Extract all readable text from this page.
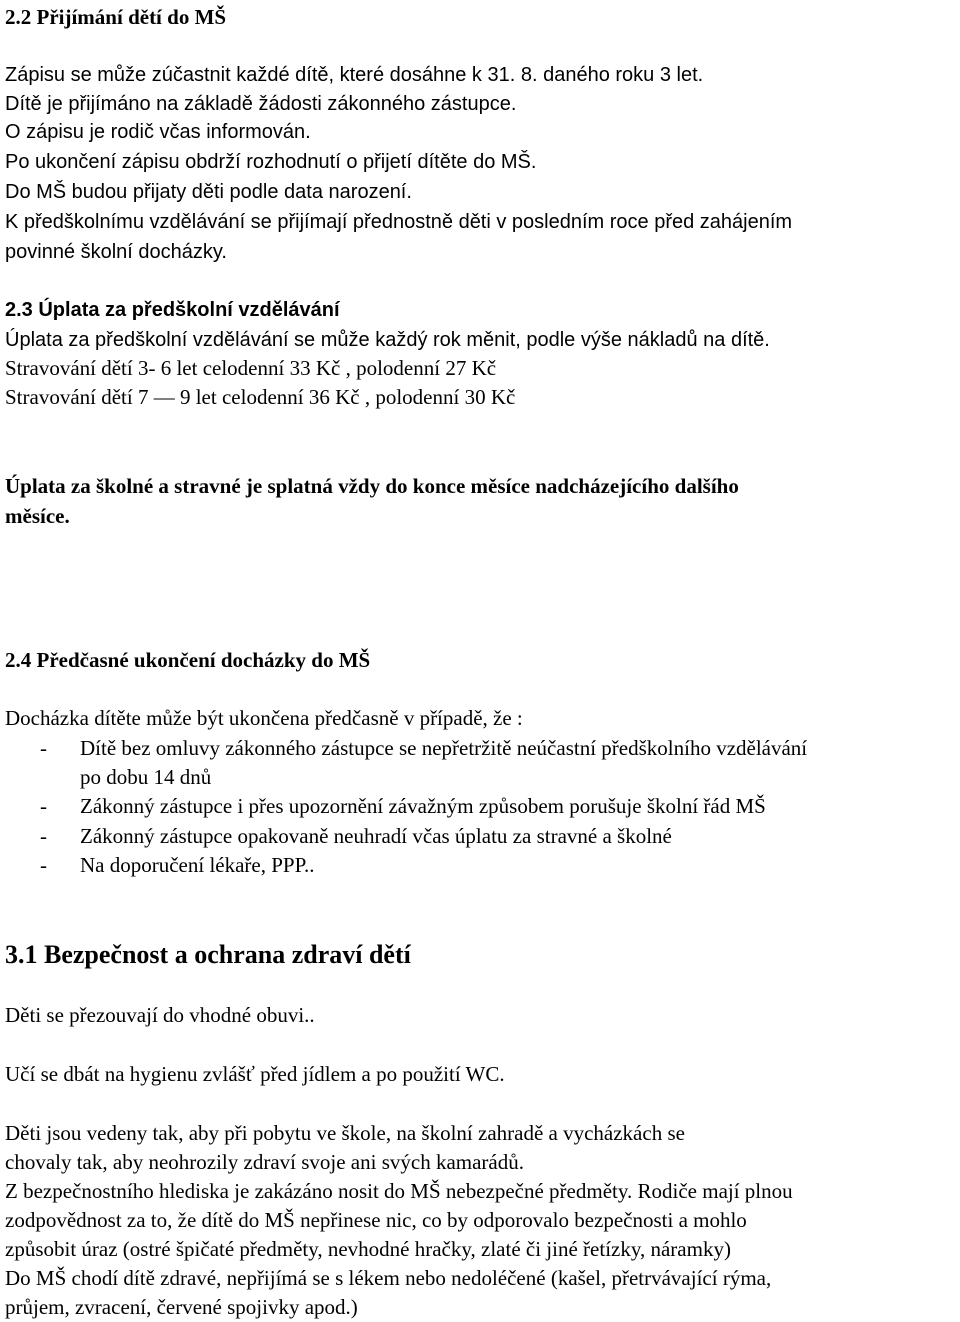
2.2 Přijímání dětí do MŠ
Zápisu se může zúčastnit každé dítě, které dosáhne k 31. 8. daného roku 3 let.
Dítě je přijímáno na základě žádosti zákonného zástupce.
O zápisu je rodič včas informován.
Po ukončení zápisu obdrží rozhodnutí o přijetí dítěte do MŠ.
Do MŠ budou přijaty děti podle data narození.
K předškolnímu vzdělávání se přijímají přednostně děti v posledním roce před zahájením
povinné školní docházky.
2.3 Úplata za předškolní vzdělávání
Úplata za předškolní vzdělávání se může každý rok měnit, podle výše nákladů na dítě.
Stravování dětí 3- 6 let celodenní 33 Kč , polodenní 27 Kč
Stravování dětí 7 — 9 let celodenní 36 Kč , polodenní 30 Kč
Úplata za školné a stravné je splatná vždy do konce měsíce nadcházejícího dalšího
měsíce.
2.4 Předčasné ukončení docházky do MŠ
Docházka dítěte může být ukončena předčasně v případě, že :
- Dítě bez omluvy zákonného zástupce se nepřetržitě neúčastní předškolního vzdělávání
po dobu 14 dnů
- Zákonný zástupce i přes upozornění závažným způsobem porušuje školní řád MŠ
- Zákonný zástupce opakovaně neuhradí včas úplatu za stravné a školné
- Na doporučení lékaře, PPP..
3.1 Bezpečnost a ochrana zdraví dětí
Děti se přezouvají do vhodné obuvi..
Učí se dbát na hygienu zvlášť před jídlem a po použití WC.
Děti jsou vedeny tak, aby při pobytu ve škole, na školní zahradě a vycházkách se
chovaly tak, aby neohrozily zdraví svoje ani svých kamarádů.
Z bezpečnostního hlediska je zakázáno nosit do MŠ nebezpečné předměty. Rodiče mají plnou
zodpovědnost za to, že dítě do MŠ nepřinese nic, co by odporovalo bezpečnosti a mohlo
způsobit úraz (ostré špičaté předměty, nevhodné hračky, zlaté či jiné řetízky, náramky)
Do MŠ chodí dítě zdravé, nepřijímá se s lékem nebo nedoléčené (kašel, přetrvávající rýma,
průjem, zvracení, červené spojivky apod.)
